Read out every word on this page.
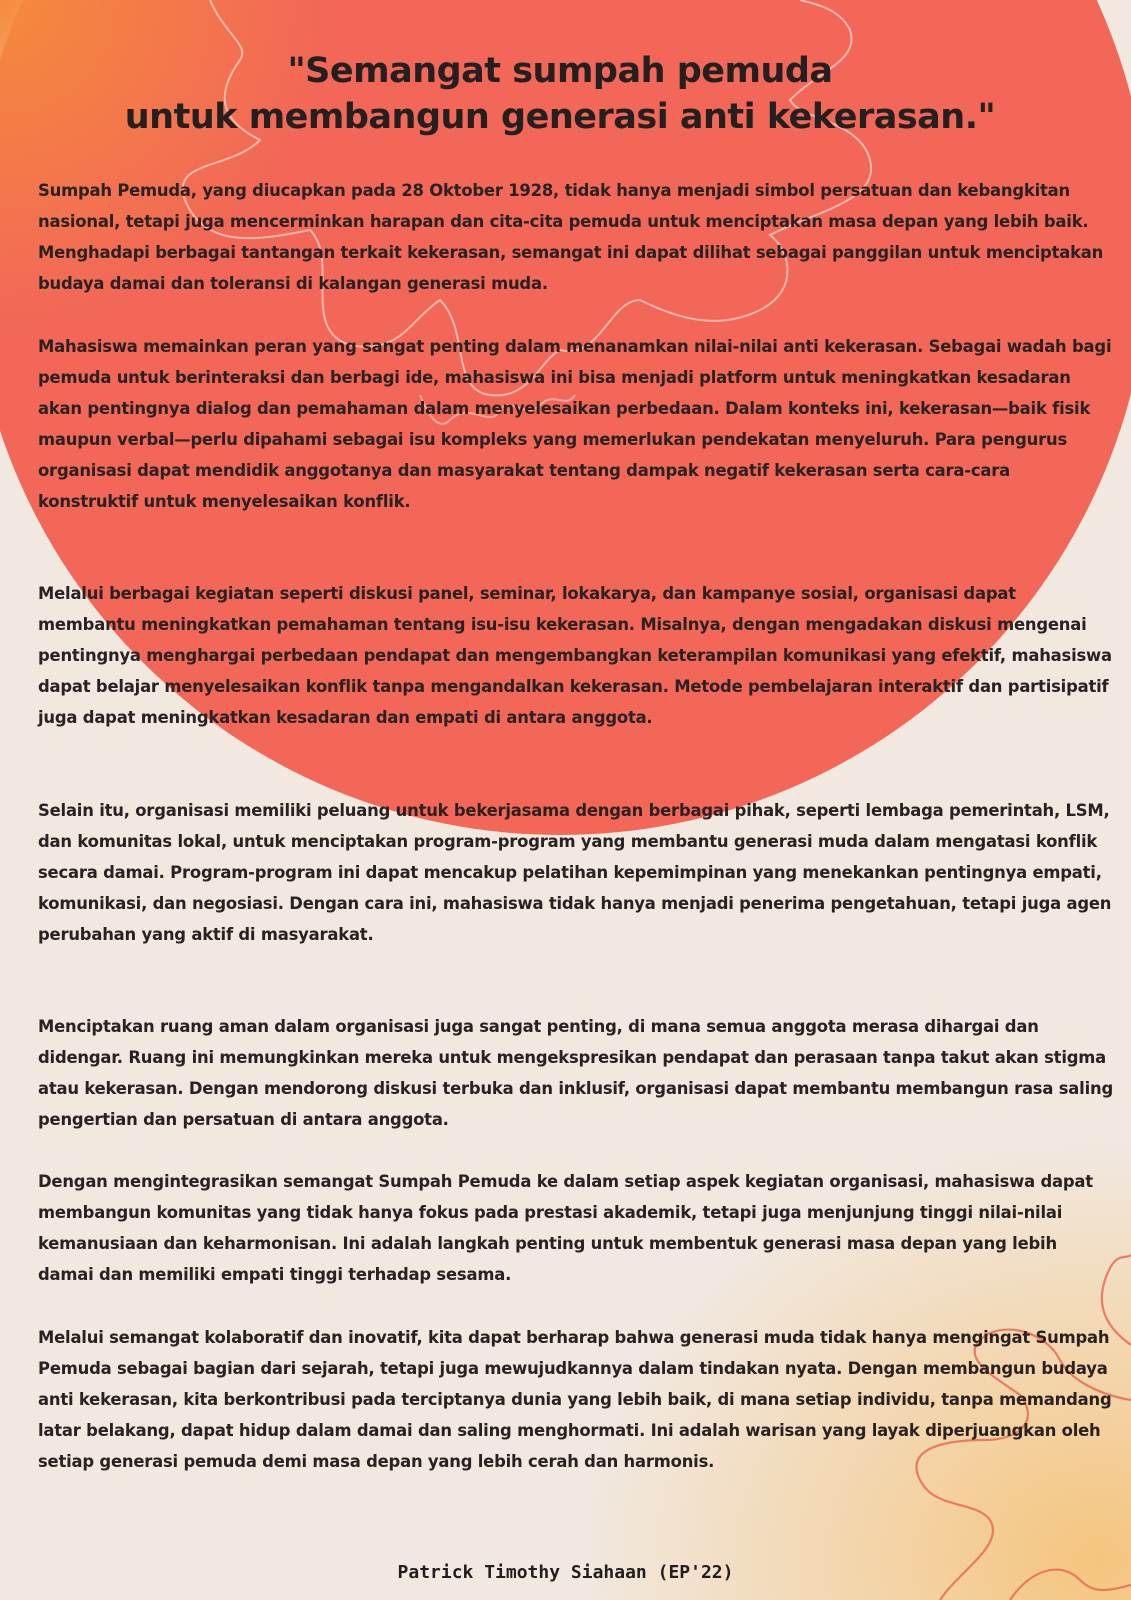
"Semangat sumpah pemuda
untuk membangun generasi anti kekerasan."

Sumpah Pemuda, yang diucapkan pada 28 Oktober 1928, tidak hanya menjadi simbol persatuan dan kebangkitan nasional, tetapi juga mencerminkan harapan dan cita-cita pemuda untuk menciptakan masa depan yang lebih baik. Menghadapi berbagai tantangan terkait kekerasan, semangat ini dapat dilihat sebagai panggilan untuk menciptakan budaya damai dan toleransi di kalangan generasi muda.

Mahasiswa memainkan peran yang sangat penting dalam menanamkan nilai-nilai anti kekerasan. Sebagai wadah bagi pemuda untuk berinteraksi dan berbagi ide, mahasiswa ini bisa menjadi platform untuk meningkatkan kesadaran akan pentingnya dialog dan pemahaman dalam menyelesaikan perbedaan. Dalam konteks ini, kekerasan—baik fisik maupun verbal—perlu dipahami sebagai isu kompleks yang memerlukan pendekatan menyeluruh. Para pengurus organisasi dapat mendidik anggotanya dan masyarakat tentang dampak negatif kekerasan serta cara-cara konstruktif untuk menyelesaikan konflik.

Melalui berbagai kegiatan seperti diskusi panel, seminar, lokakarya, dan kampanye sosial, organisasi dapat membantu meningkatkan pemahaman tentang isu-isu kekerasan. Misalnya, dengan mengadakan diskusi mengenai pentingnya menghargai perbedaan pendapat dan mengembangkan keterampilan komunikasi yang efektif, mahasiswa dapat belajar menyelesaikan konflik tanpa mengandalkan kekerasan. Metode pembelajaran interaktif dan partisipatif juga dapat meningkatkan kesadaran dan empati di antara anggota.

Selain itu, organisasi memiliki peluang untuk bekerjasama dengan berbagai pihak, seperti lembaga pemerintah, LSM, dan komunitas lokal, untuk menciptakan program-program yang membantu generasi muda dalam mengatasi konflik secara damai. Program-program ini dapat mencakup pelatihan kepemimpinan yang menekankan pentingnya empati, komunikasi, dan negosiasi. Dengan cara ini, mahasiswa tidak hanya menjadi penerima pengetahuan, tetapi juga agen perubahan yang aktif di masyarakat.

Menciptakan ruang aman dalam organisasi juga sangat penting, di mana semua anggota merasa dihargai dan didengar. Ruang ini memungkinkan mereka untuk mengekspresikan pendapat dan perasaan tanpa takut akan stigma atau kekerasan. Dengan mendorong diskusi terbuka dan inklusif, organisasi dapat membantu membangun rasa saling pengertian dan persatuan di antara anggota.

Dengan mengintegrasikan semangat Sumpah Pemuda ke dalam setiap aspek kegiatan organisasi, mahasiswa dapat membangun komunitas yang tidak hanya fokus pada prestasi akademik, tetapi juga menjunjung tinggi nilai-nilai kemanusiaan dan keharmonisan. Ini adalah langkah penting untuk membentuk generasi masa depan yang lebih damai dan memiliki empati tinggi terhadap sesama.

Melalui semangat kolaboratif dan inovatif, kita dapat berharap bahwa generasi muda tidak hanya mengingat Sumpah Pemuda sebagai bagian dari sejarah, tetapi juga mewujudkannya dalam tindakan nyata. Dengan membangun budaya anti kekerasan, kita berkontribusi pada terciptanya dunia yang lebih baik, di mana setiap individu, tanpa memandang latar belakang, dapat hidup dalam damai dan saling menghormati. Ini adalah warisan yang layak diperjuangkan oleh setiap generasi pemuda demi masa depan yang lebih cerah dan harmonis.

Patrick Timothy Siahaan (EP'22)
